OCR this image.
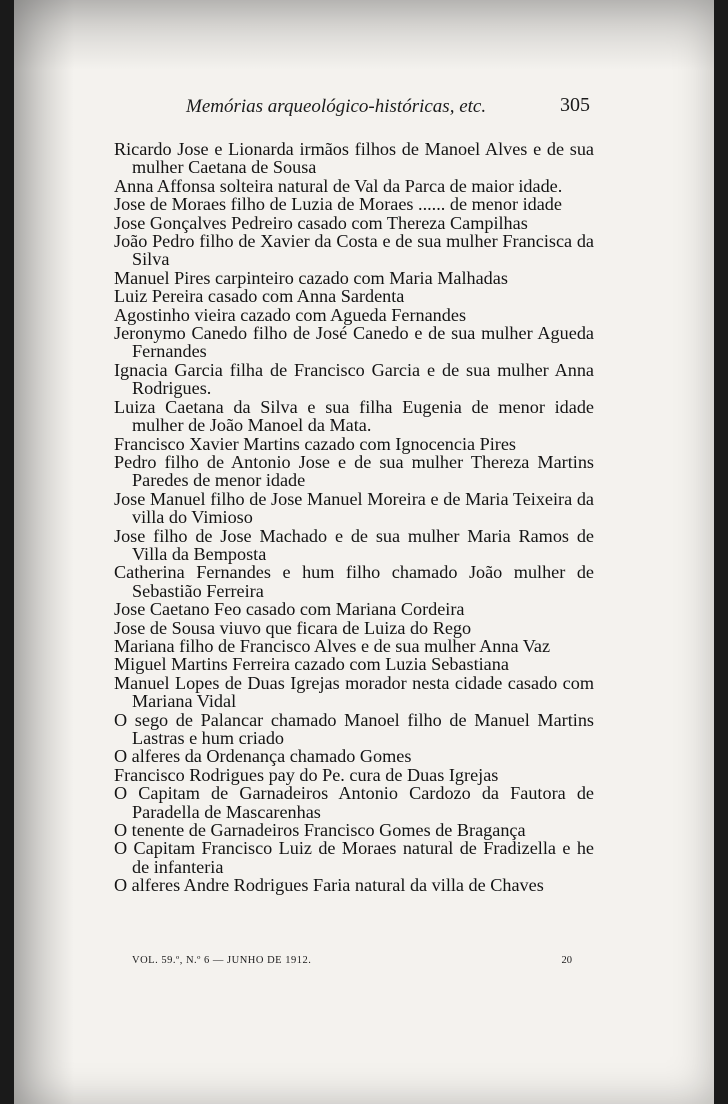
Memórias arqueológico-históricas, etc.	305

Ricardo Jose e Lionarda irmãos filhos de Manoel Alves e de sua mulher Caetana de Sousa

Anna Affonsa solteira natural de Val da Parca de maior idade.

Jose de Moraes filho de Luzia de Moraes ...... de menor idade

Jose Gonçalves Pedreiro casado com Thereza Campilhas

João Pedro filho de Xavier da Costa e de sua mulher Francisca da Silva

Manuel Pires carpinteiro cazado com Maria Malhadas

Luiz Pereira casado com Anna Sardenta

Agostinho vieira cazado com Agueda Fernandes

Jeronymo Canedo filho de José Canedo e de sua mulher Agueda Fernandes

Ignacia Garcia filha de Francisco Garcia e de sua mulher Anna Rodrigues.

Luiza Caetana da Silva e sua filha Eugenia de menor idade mulher de João Manoel da Mata.

Francisco Xavier Martins cazado com Ignocencia Pires

Pedro filho de Antonio Jose e de sua mulher Thereza Martins Paredes de menor idade

Jose Manuel filho de Jose Manuel Moreira e de Maria Teixeira da villa do Vimioso

Jose filho de Jose Machado e de sua mulher Maria Ramos de Villa da Bemposta

Catherina Fernandes e hum filho chamado João mulher de Sebastião Ferreira

Jose Caetano Feo casado com Mariana Cordeira

Jose de Sousa viuvo que ficara de Luiza do Rego

Mariana filho de Francisco Alves e de sua mulher Anna Vaz

Miguel Martins Ferreira cazado com Luzia Sebastiana

Manuel Lopes de Duas Igrejas morador nesta cidade casado com Mariana Vidal

O sego de Palancar chamado Manoel filho de Manuel Martins Lastras e hum criado

O alferes da Ordenança chamado Gomes

Francisco Rodrigues pay do Pe. cura de Duas Igrejas

O Capitam de Garnadeiros Antonio Cardozo da Fautora de Paradella de Mascarenhas

O tenente de Garnadeiros Francisco Gomes de Bragança

O Capitam Francisco Luiz de Moraes natural de Fradizella e he de infanteria

O alferes Andre Rodrigues Faria natural da villa de Chaves

VOL. 59.º, N.º 6 — JUNHO DE 1912.	20
